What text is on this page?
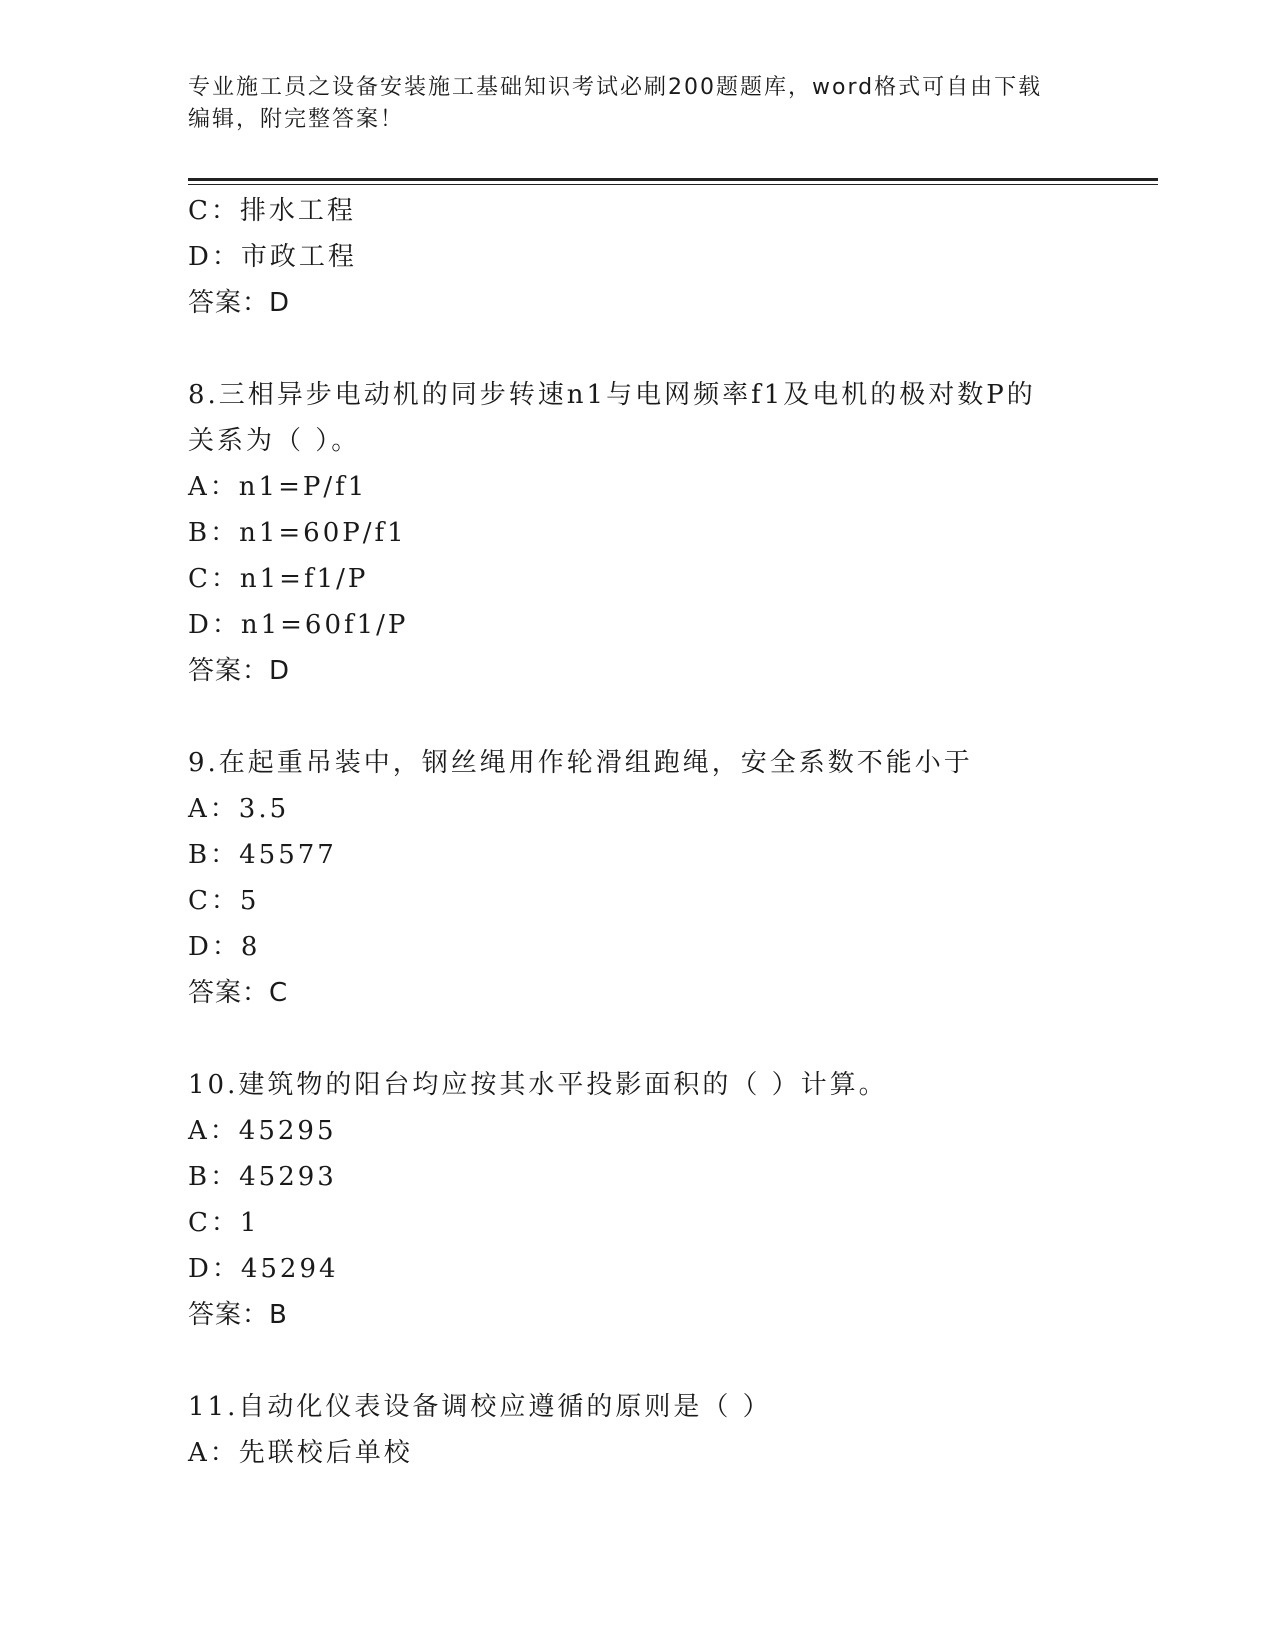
专业施工员之设备安装施工基础知识考试必刷200题题库，word格式可自由下载
编辑，附完整答案！
C：排水工程
D：市政工程
答案：D
8.三相异步电动机的同步转速n1与电网频率f1及电机的极对数P的
关系为（ ）。
A：n1=P/f1
B：n1=60P/f1
C：n1=f1/P
D：n1=60f1/P
答案：D
9.在起重吊装中，钢丝绳用作轮滑组跑绳，安全系数不能小于
A：3.5
B：45577
C：5
D：8
答案：C
10.建筑物的阳台均应按其水平投影面积的（ ）计算。
A：45295
B：45293
C：1
D：45294
答案：B
11.自动化仪表设备调校应遵循的原则是（ ）
A：先联校后单校
